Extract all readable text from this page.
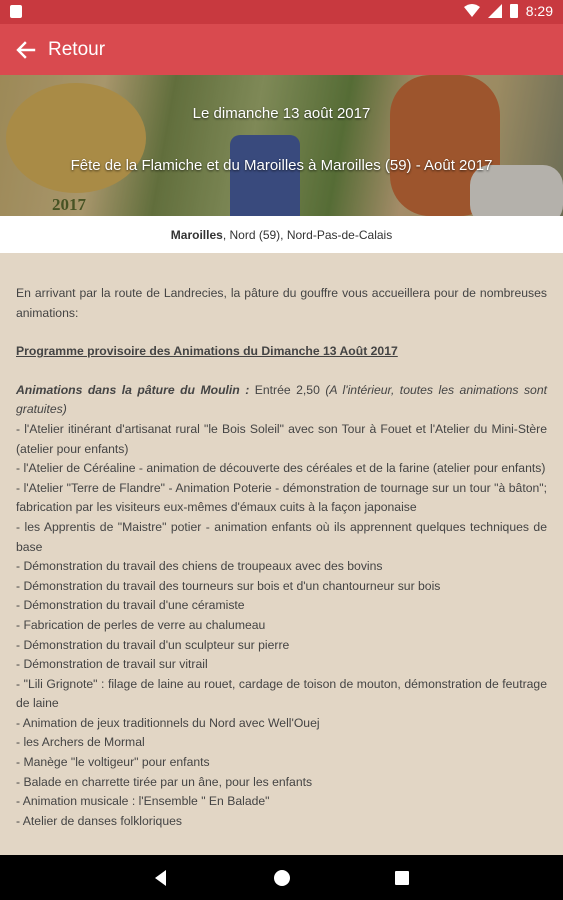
8:29
Retour
2017
Le dimanche 13 août 2017
Fête de la Flamiche et du Maroilles à Maroilles (59) - Août 2017
Maroilles , Nord (59), Nord-Pas-de-Calais

En arrivant par la route de Landrecies, la pâture du gouffre vous accueillera pour de nombreuses animations:

Programme provisoire des Animations du Dimanche 13 Août 2017

Animations dans la pâture du Moulin : Entrée 2,50 (A l'intérieur, toutes les animations sont gratuites)

- l'Atelier itinérant d'artisanat rural "le Bois Soleil" avec son Tour à Fouet et l'Atelier du Mini-Stère (atelier pour enfants)

- l'Atelier de Céréaline - animation de découverte des céréales et de la farine (atelier pour enfants)

- l'Atelier "Terre de Flandre" - Animation Poterie - démonstration de tournage sur un tour "à bâton"; fabrication par les visiteurs eux-mêmes d'émaux cuits à la façon japonaise

- les Apprentis de "Maistre" potier - animation enfants où ils apprennent quelques techniques de base

- Démonstration du travail des chiens de troupeaux avec des bovins

- Démonstration du travail des tourneurs sur bois et d'un chantourneur sur bois

- Démonstration du travail d'une céramiste

- Fabrication de perles de verre au chalumeau

- Démonstration du travail d'un sculpteur sur pierre

- Démonstration de travail sur vitrail

- "Lili Grignote" : filage de laine au rouet, cardage de toison de mouton, démonstration de feutrage de laine

- Animation de jeux traditionnels du Nord avec Well'Ouej

- les Archers de Mormal

- Manège "le voltigeur" pour enfants

- Balade en charrette tirée par un âne, pour les enfants

- Animation musicale : l'Ensemble " En Balade"

- Atelier de danses folkloriques
